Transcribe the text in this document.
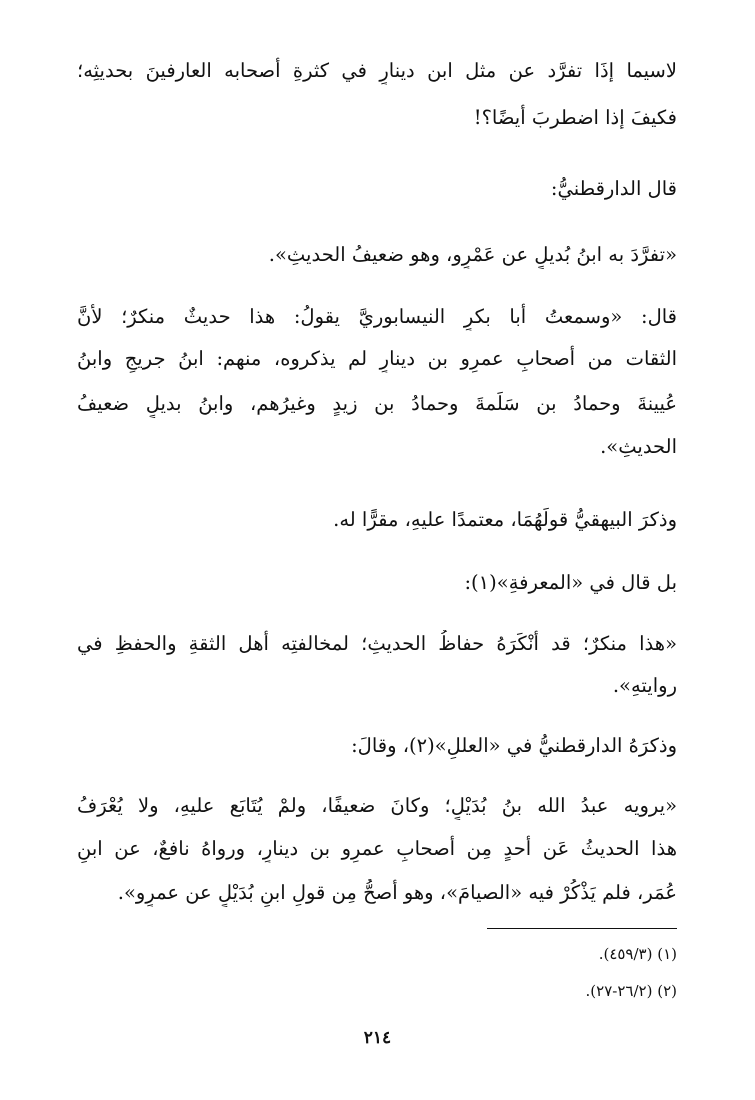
لاسيما إذَا تفرَّد عن مثل ابن دينارٍ في كثرةِ أصحابه العارفينَ بحديثِه؛
فكيفَ إذا اضطربَ أيضًا؟!
قال الدارقطنيُّ:
«تفرَّدَ به ابنُ بُديلٍ عن عَمْرٍو، وهو ضعيفُ الحديثِ».
قال: «وسمعتُ أبا بكرٍ النيسابوريَّ يقولُ: هذا حديثٌ منكرٌ؛ لأنَّ
الثقات من أصحابِ عمرِو بن دينارٍ لم يذكروه، منهم: ابنُ جريجٍ وابنُ
عُيينةَ وحمادُ بن سَلَمةَ وحمادُ بن زيدٍ وغيرُهم، وابنُ بديلٍ ضعيفُ
الحديثِ».
وذكرَ البيهقيُّ قولَهُمَا، معتمدًا عليهِ، مقرًّا له.
بل قال في «المعرفةِ»(١):
«هذا منكرٌ؛ قد أنْكَرَهُ حفاظُ الحديثِ؛ لمخالفتِه أهل الثقةِ والحفظِ في
روايتهِ».
وذكرَهُ الدارقطنيُّ في «العللِ»(٢)، وقالَ:
«يرويه عبدُ الله بنُ بُدَيْلٍ؛ وكانَ ضعيفًا، ولمْ يُتَابَع عليهِ، ولا يُعْرَفُ
هذا الحديثُ عَن أحدٍ مِن أصحابِ عمرِو بن دينارٍ، ورواهُ نافعٌ، عن ابنِ
عُمَر، فلم يَذْكُرْ فيه «الصيامَ»، وهو أصحُّ مِن قولِ ابنِ بُدَيْلٍ عن عمرٍو».
(١) (٤٥٩/٣).
(٢) (٢٦/٢-٢٧).
٢١٤
